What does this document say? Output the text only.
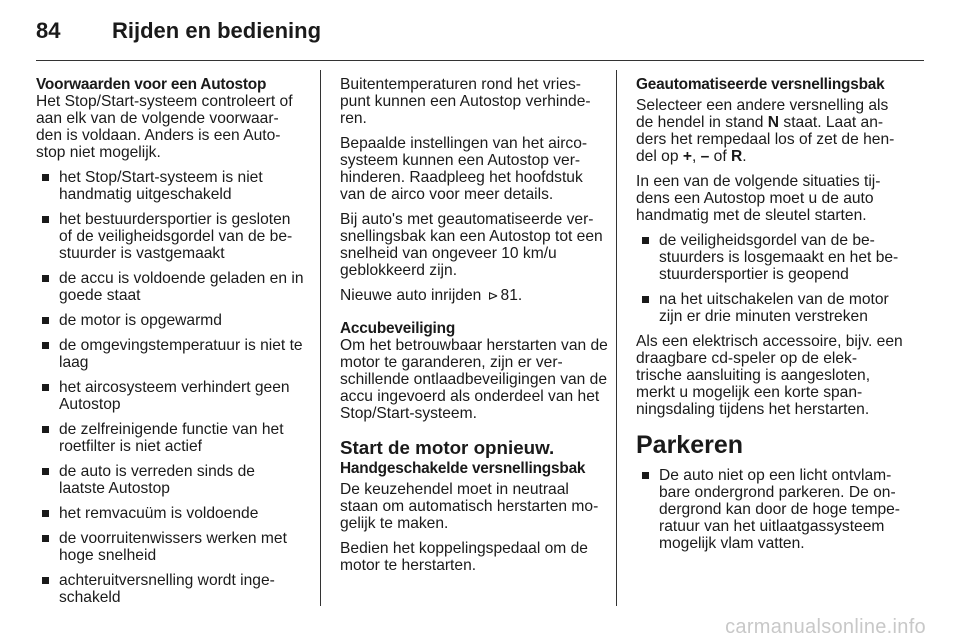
84	Rijden en bediening
Voorwaarden voor een Autostop

Het Stop/Start-systeem controleert of aan elk van de volgende voorwaar- den is voldaan. Anders is een Auto- stop niet mogelijk.

het Stop/Start-systeem is niet handmatig uitgeschakeld
het bestuurdersportier is gesloten of de veiligheidsgordel van de be- stuurder is vastgemaakt
de accu is voldoende geladen en in goede staat
de motor is opgewarmd
de omgevingstemperatuur is niet te laag
het aircosysteem verhindert geen Autostop
de zelfreinigende functie van het roetfilter is niet actief
de auto is verreden sinds de laatste Autostop
het remvacuüm is voldoende
de voorruitenwissers werken met hoge snelheid
achteruitversnelling wordt inge- schakeld

Buitentemperaturen rond het vries- punt kunnen een Autostop verhinde- ren.

Bepaalde instellingen van het airco- systeem kunnen een Autostop ver- hinderen. Raadpleeg het hoofdstuk van de airco voor meer details.

Bij auto's met geautomatiseerde ver- snellingsbak kan een Autostop tot een snelheid van ongeveer 10 km/u geblokkeerd zijn.

Nieuwe auto inrijden ⊳ 81.

Accubeveiliging

Om het betrouwbaar herstarten van de motor te garanderen, zijn er ver- schillende ontlaadbeveiligingen van de accu ingevoerd als onderdeel van het Stop/Start-systeem.

Start de motor opnieuw.
Handgeschakelde versnellingsbak

De keuzehendel moet in neutraal staan om automatisch herstarten mo- gelijk te maken.

Bedien het koppelingspedaal om de motor te herstarten.

Geautomatiseerde versnellingsbak

Selecteer een andere versnelling als de hendel in stand N staat. Laat an- ders het rempedaal los of zet de hen- del op +, – of R.

In een van de volgende situaties tij- dens een Autostop moet u de auto handmatig met de sleutel starten.

de veiligheidsgordel van de be- stuurders is losgemaakt en het be- stuurdersportier is geopend
na het uitschakelen van de motor zijn er drie minuten verstreken

Als een elektrisch accessoire, bijv. een draagbare cd-speler op de elek- trische aansluiting is aangesloten, merkt u mogelijk een korte span- ningsdaling tijdens het herstarten.

Parkeren
De auto niet op een licht ontvlam- bare ondergrond parkeren. De on- dergrond kan door de hoge tempe- ratuur van het uitlaatgassysteem mogelijk vlam vatten.
carmanualsonline.info
